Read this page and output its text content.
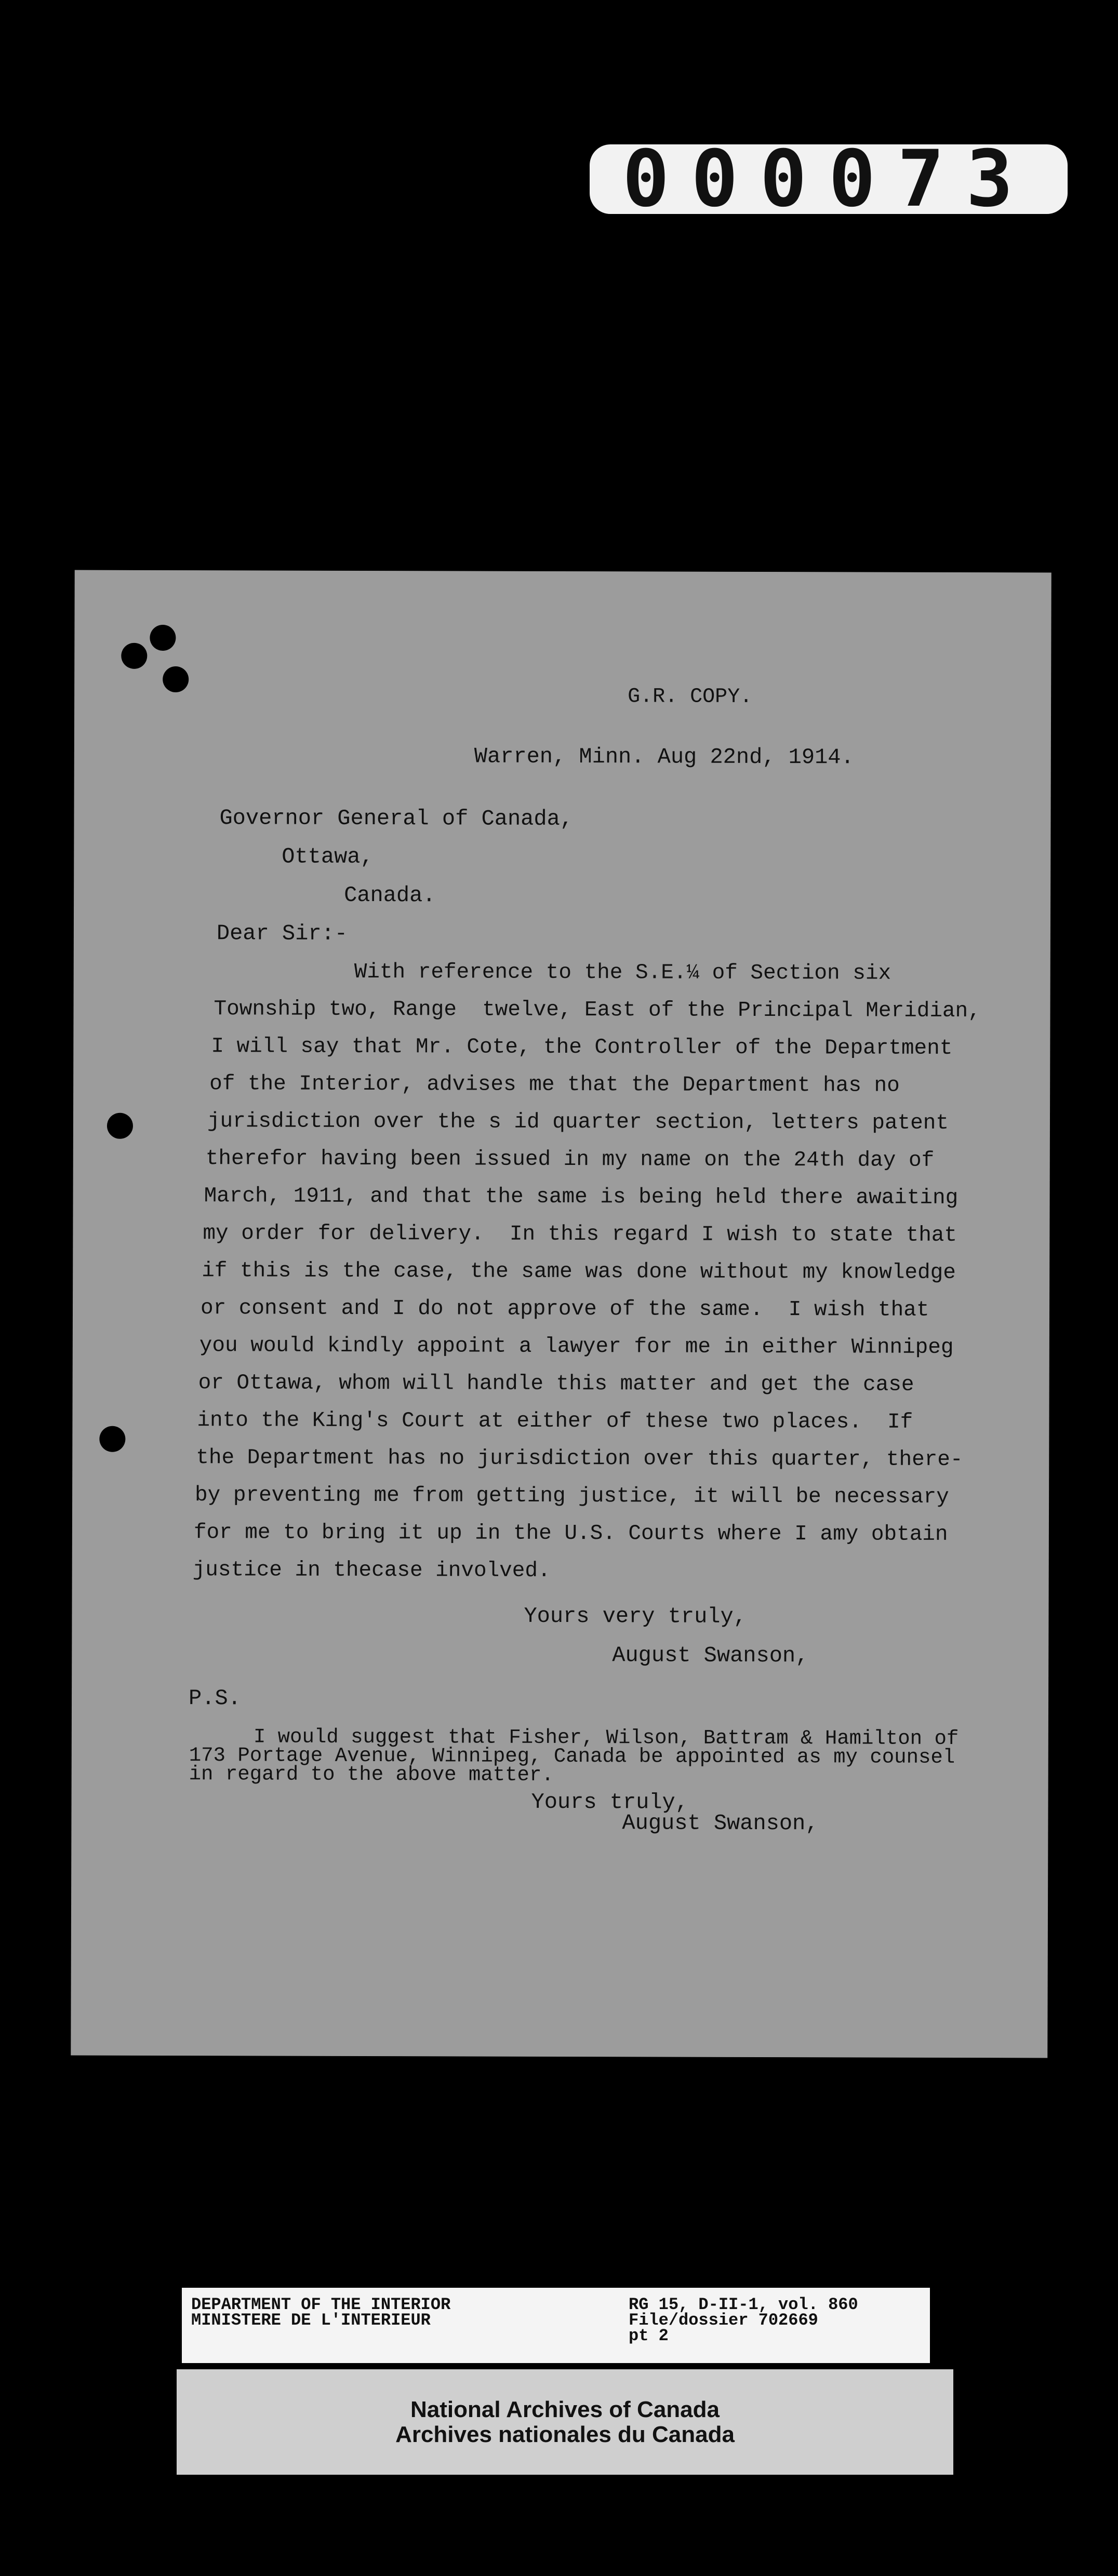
000073
G.R. COPY.
Warren, Minn. Aug 22nd, 1914.
Governor General of Canada,
Ottawa,
Canada.
Dear Sir:-
With reference to the S.E.¼ of Section six
Township two, Range  twelve, East of the Principal Meridian,
I will say that Mr. Cote, the Controller of the Department
of the Interior, advises me that the Department has no
jurisdiction over the s id quarter section, letters patent
therefor having been issued in my name on the 24th day of
March, 1911, and that the same is being held there awaiting
my order for delivery.  In this regard I wish to state that
if this is the case, the same was done without my knowledge
or consent and I do not approve of the same.  I wish that
you would kindly appoint a lawyer for me in either Winnipeg
or Ottawa, whom will handle this matter and get the case
into the King's Court at either of these two places.  If
the Department has no jurisdiction over this quarter, there-
by preventing me from getting justice, it will be necessary
for me to bring it up in the U.S. Courts where I amy obtain
justice in thecase involved.
Yours very truly,
August Swanson,
P.S.
I would suggest that Fisher, Wilson, Battram & Hamilton of
173 Portage Avenue, Winnipeg, Canada be appointed as my counsel
in regard to the above matter.
Yours truly,
August Swanson,
DEPARTMENT OF THE INTERIOR
MINISTERE DE L'INTERIEUR
RG 15, D-II-1, vol. 860
File/dossier 702669
pt 2
National Archives of Canada
Archives nationales du Canada
